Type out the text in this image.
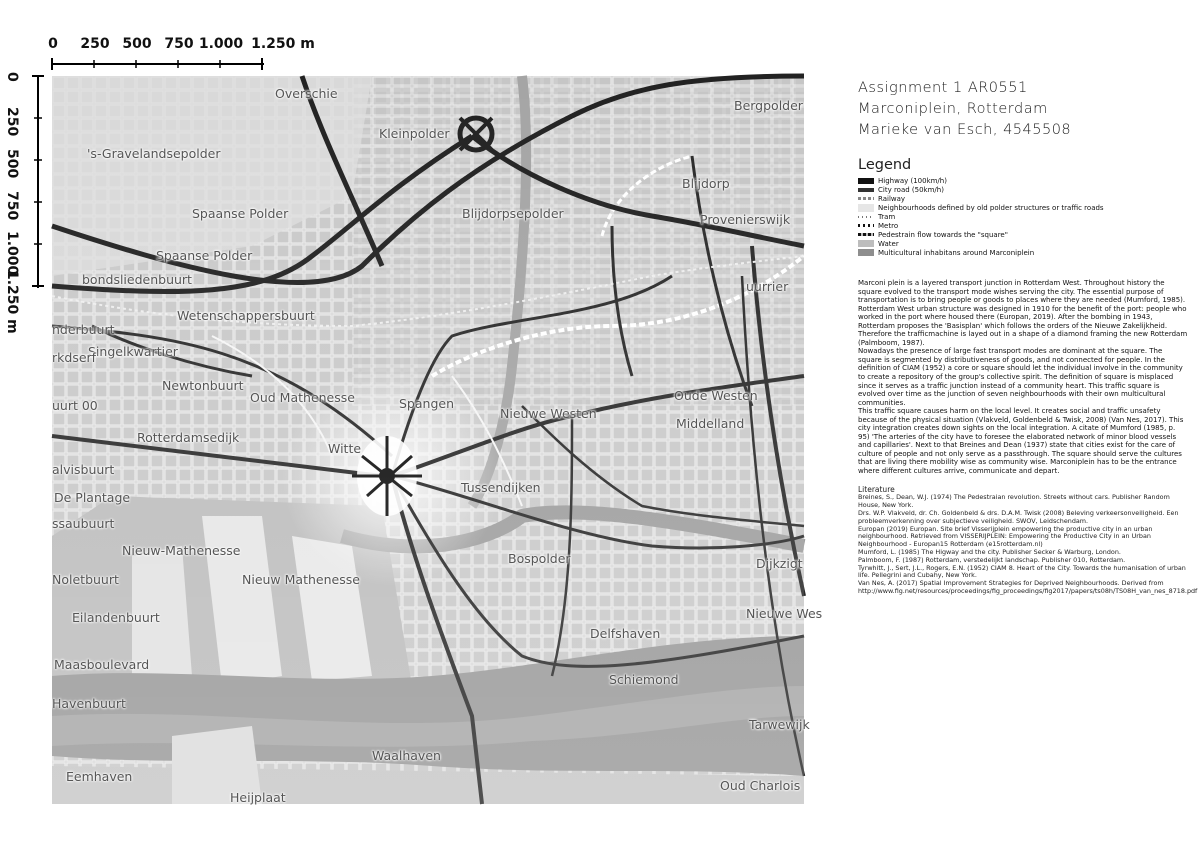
0 250 500 750 1.000 1.250 m
0
250
500
750
1.000
1.250 m
Overschie
Kleinpolder
Bergpolder
's-Gravelandsepolder
Blijdorp
Spaanse Polder	Blijdorpsepolder	Provenierswijk
Spaanse Polder
bondsliedenbuurt
Wetenschappersbuurt
uurrier
nderbuurt
Singelkwartier
rkdserf
Newtonbuurt
Oud Mathenesse	Spangen
Nieuwe Westen
Oude Westen
uurt 00
Middelland
Rotterdamsedijk
Witte
alvisbuurt
Tussendijken
De Plantage
ssaubuurt
Nieuw-Mathenesse
Dijkzigt
Bospolder
Nieuw Mathenesse
Noletbuurt
Delfshaven
Nieuwe Wes
Eilandenbuurt
Maasboulevard
Schiemond
Havenbuurt
Tarwewijk
Waalhaven
Eemhaven
Oud Charlois
Heijplaat
Assignment 1 AR0551
Marconiplein, Rotterdam
Marieke van Esch, 4545508
Legend
Highway (100km/h)
City road (50km/h)
Railway
Neighbourhoods defined by old polder structures or traffic roads
Tram
Metro
Pedestrain flow towards the "square"
Water
Multicultural inhabitans around Marconiplein

Marconi plein is a layered transport junction in Rotterdam West. Throughout history the square evolved to the transport mode wishes serving the city. The essential purpose of transportation is to bring people or goods to places where they are needed (Mumford, 1985). Rotterdam West urban structure was designed in 1910 for the benefit of the port: people who worked in the port where housed there (Europan, 2019). After the bombing in 1943, Rotterdam proposes the 'Basisplan' which follows the orders of the Nieuwe Zakelijkheid. Therefore the trafficmachine is layed out in a shape of a diamond framing the new Rotterdam (Palmboom, 1987).

Nowadays the presence of large fast transport modes are dominant at the square. The square is segmented by distributiveness of goods, and not connected for people. In the definition of CIAM (1952) a core or square should let the individual involve in the community to create a repository of the group's collective spirit. The definition of square is misplaced since it serves as a traffic junction instead of a community heart. This traffic square is evolved over time as the junction of seven neighbourhoods with their own multicultural communities.

This traffic square causes harm on the local level. It creates social and traffic unsafety because of the physical situation (Vlakveld, Goldenbeld & Twisk, 2008) (Van Nes, 2017). This city integration creates down sights on the local integration. A citate of Mumford (1985, p. 95) 'The arteries of the city have to foresee the elaborated network of minor blood vessels and capillaries'. Next to that Breines and Dean (1937) state that cities exist for the care of culture of people and not only serve as a passthrough. The square should serve the cultures that are living there mobility wise as community wise. Marconiplein has to be the entrance where different cultures arrive, communicate and depart.

Literature

Breines, S., Dean, W.J. (1974) The Pedestraian revolution. Streets without cars. Publisher Random House, New York.

Drs. W.P. Vlakveld, dr. Ch. Goldenbeld & drs. D.A.M. Twisk (2008) Beleving verkeersonveiligheid. Een probleemverkenning over subjectieve veiligheid. SWOV, Leidschendam.

Europan (2019) Europan. Site brief Visserijplein empowering the productive city in an urban neighbourhood. Retrieved from VISSERIJPLEIN: Empowering the Productive City in an Urban Neighbourhood - Europan15 Rotterdam (e15rotterdam.nl)

Mumford, L. (1985) The Higway and the city. Publisher Secker & Warburg, London.

Palmboom, F. (1987) Rotterdam, verstedelijkt landschap. Publisher 010, Rotterdam.

Tyrwhitt, J., Sert, J.L., Rogers, E.N. (1952) CIAM 8. Heart of the City. Towards the humanisation of urban life. Pellegrini and Cubahy, New York.

Van Nes, A. (2017) Spatial Improvement Strategies for Deprived Neighbourhoods. Derived from http://www.fig.net/resources/proceedings/fig_proceedings/fig2017/papers/ts08h/TS08H_van_nes_8718.pdf
